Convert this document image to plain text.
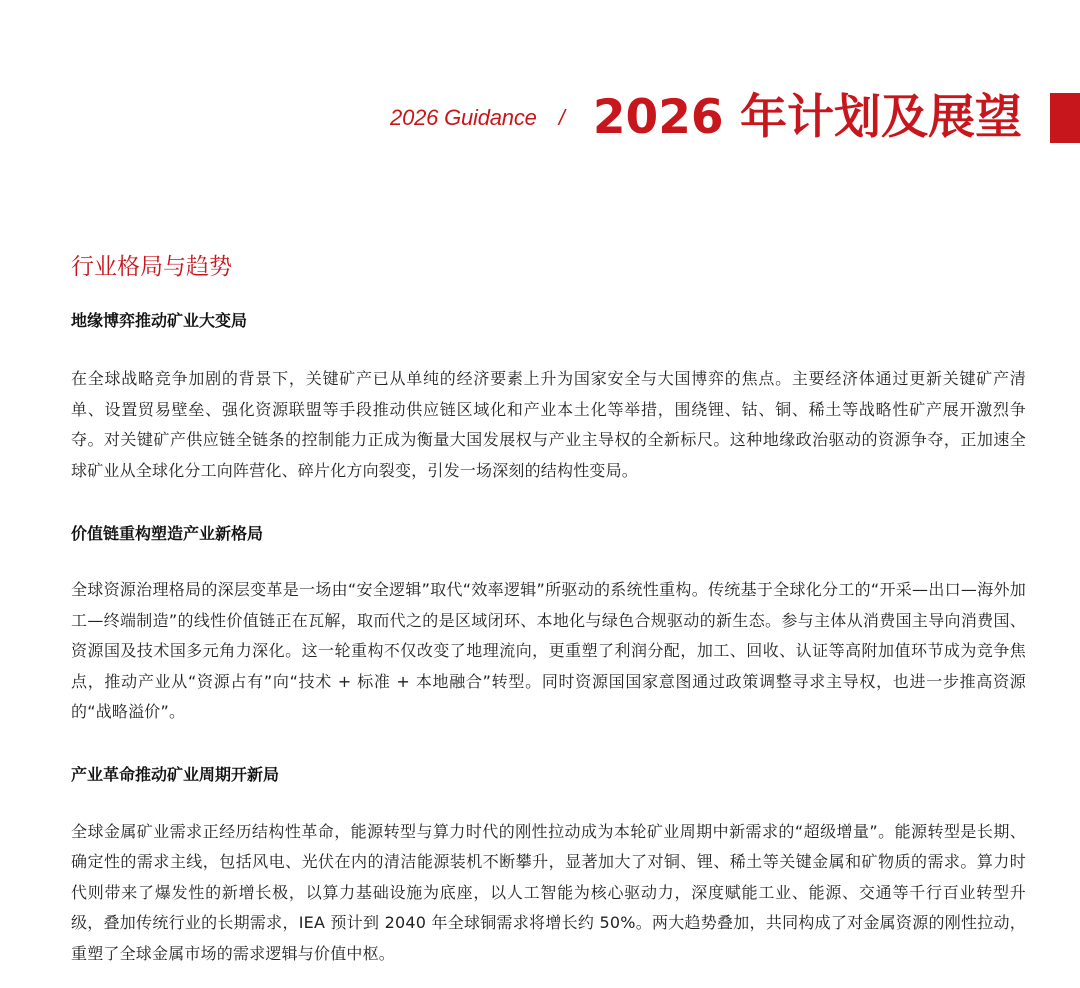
2026 Guidance / 2026 年计划及展望
行业格局与趋势
地缘博弈推动矿业大变局

在全球战略竞争加剧的背景下，关键矿产已从单纯的经济要素上升为国家安全与大国博弈的焦点。主要经济体通过更新关键矿产清单、设置贸易壁垒、强化资源联盟等手段推动供应链区域化和产业本土化等举措，围绕锂、钴、铜、稀土等战略性矿产展开激烈争夺。对关键矿产供应链全链条的控制能力正成为衡量大国发展权与产业主导权的全新标尺。这种地缘政治驱动的资源争夺，正加速全球矿业从全球化分工向阵营化、碎片化方向裂变，引发一场深刻的结构性变局。

价值链重构塑造产业新格局

全球资源治理格局的深层变革是一场由“安全逻辑”取代“效率逻辑”所驱动的系统性重构。传统基于全球化分工的“开采—出口—海外加工—终端制造”的线性价值链正在瓦解，取而代之的是区域闭环、本地化与绿色合规驱动的新生态。参与主体从消费国主导向消费国、资源国及技术国多元角力深化。这一轮重构不仅改变了地理流向，更重塑了利润分配，加工、回收、认证等高附加值环节成为竞争焦点，推动产业从“资源占有”向“技术 + 标准 + 本地融合”转型。同时资源国国家意图通过政策调整寻求主导权，也进一步推高资源的“战略溢价”。

产业革命推动矿业周期开新局

全球金属矿业需求正经历结构性革命，能源转型与算力时代的刚性拉动成为本轮矿业周期中新需求的“超级增量”。能源转型是长期、确定性的需求主线，包括风电、光伏在内的清洁能源装机不断攀升，显著加大了对铜、锂、稀土等关键金属和矿物质的需求。算力时代则带来了爆发性的新增长极，以算力基础设施为底座，以人工智能为核心驱动力，深度赋能工业、能源、交通等千行百业转型升级，叠加传统行业的长期需求，IEA 预计到 2040 年全球铜需求将增长约 50%。两大趋势叠加，共同构成了对金属资源的刚性拉动，重塑了全球金属市场的需求逻辑与价值中枢。
